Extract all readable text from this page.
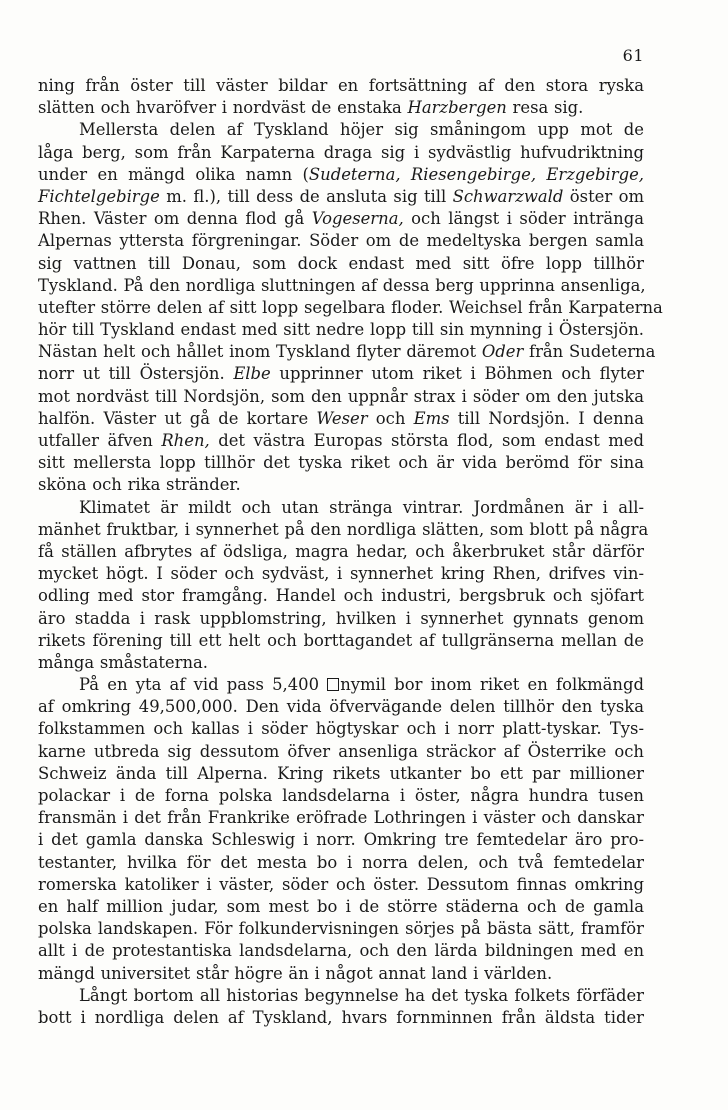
61
ning från öster till väster bildar en fortsättning af den stora ryska
slätten och hvaröfver i nordväst de enstaka Harzbergen resa sig.
Mellersta delen af Tyskland höjer sig småningom upp mot de
låga berg, som från Karpaterna draga sig i sydvästlig hufvudriktning
under en mängd olika namn (Sudeterna, Riesengebirge, Erzgebirge,
Fichtelgebirge m. fl.), till dess de ansluta sig till Schwarzwald öster om
Rhen. Väster om denna flod gå Vogeserna, och längst i söder intränga
Alpernas yttersta förgreningar. Söder om de medeltyska bergen samla
sig vattnen till Donau, som dock endast med sitt öfre lopp tillhör
Tyskland. På den nordliga sluttningen af dessa berg upprinna ansenliga,
utefter större delen af sitt lopp segelbara floder. Weichsel från Karpaterna
hör till Tyskland endast med sitt nedre lopp till sin mynning i Östersjön.
Nästan helt och hållet inom Tyskland flyter däremot Oder från Sudeterna
norr ut till Östersjön. Elbe upprinner utom riket i Böhmen och flyter
mot nordväst till Nordsjön, som den uppnår strax i söder om den jutska
halfön. Väster ut gå de kortare Weser och Ems till Nordsjön. I denna
utfaller äfven Rhen, det västra Europas största flod, som endast med
sitt mellersta lopp tillhör det tyska riket och är vida berömd för sina
sköna och rika stränder.
Klimatet är mildt och utan stränga vintrar. Jordmånen är i all-
mänhet fruktbar, i synnerhet på den nordliga slätten, som blott på några
få ställen afbrytes af ödsliga, magra hedar, och åkerbruket står därför
mycket högt. I söder och sydväst, i synnerhet kring Rhen, drifves vin-
odling med stor framgång. Handel och industri, bergsbruk och sjöfart
äro stadda i rask uppblomstring, hvilken i synnerhet gynnats genom
rikets förening till ett helt och borttagandet af tullgränserna mellan de
många småstaterna.
På en yta af vid pass 5,400 nymil bor inom riket en folkmängd
af omkring 49,500,000. Den vida öfvervägande delen tillhör den tyska
folkstammen och kallas i söder högtyskar och i norr platt-tyskar. Tys-
karne utbreda sig dessutom öfver ansenliga sträckor af Österrike och
Schweiz ända till Alperna. Kring rikets utkanter bo ett par millioner
polackar i de forna polska landsdelarna i öster, några hundra tusen
fransmän i det från Frankrike eröfrade Lothringen i väster och danskar
i det gamla danska Schleswig i norr. Omkring tre femtedelar äro pro-
testanter, hvilka för det mesta bo i norra delen, och två femtedelar
romerska katoliker i väster, söder och öster. Dessutom finnas omkring
en half million judar, som mest bo i de större städerna och de gamla
polska landskapen. För folkundervisningen sörjes på bästa sätt, framför
allt i de protestantiska landsdelarna, och den lärda bildningen med en
mängd universitet står högre än i något annat land i världen.
Långt bortom all historias begynnelse ha det tyska folkets förfäder
bott i nordliga delen af Tyskland, hvars fornminnen från äldsta tider
